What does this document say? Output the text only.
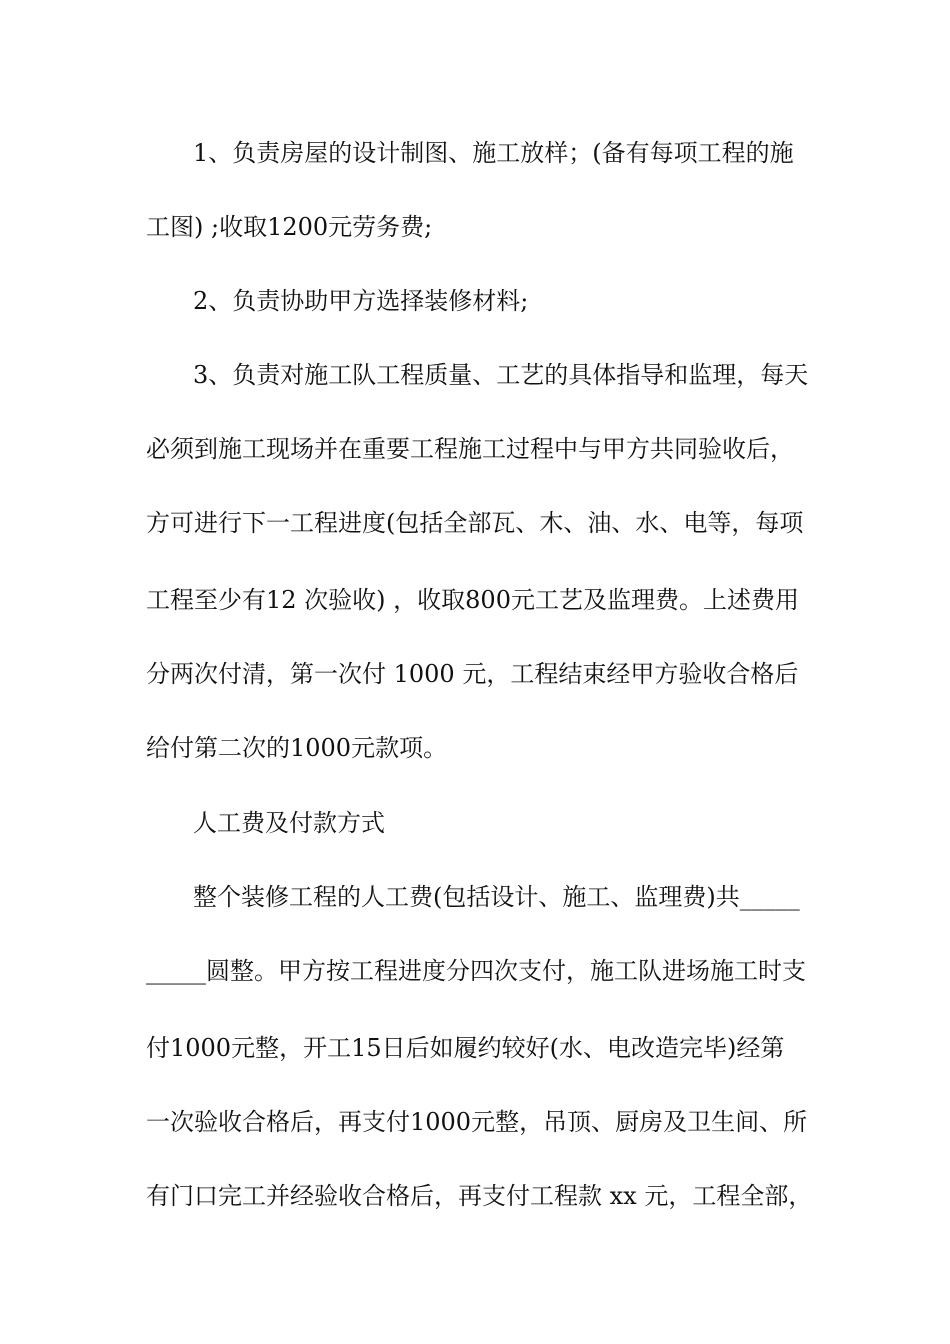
1、负责房屋的设计制图、施工放样；(备有每项工程的施
工图) ;收取1200元劳务费;
2、负责协助甲方选择装修材料;
3、负责对施工队工程质量、工艺的具体指导和监理，每天
必须到施工现场并在重要工程施工过程中与甲方共同验收后，
方可进行下一工程进度(包括全部瓦、木、油、水、电等，每项
工程至少有12 次验收) ，收取800元工艺及监理费。上述费用
分两次付清，第一次付 1000 元，工程结束经甲方验收合格后
给付第二次的1000元款项。
人工费及付款方式
整个装修工程的人工费(包括设计、施工、监理费)共_____
_____圆整。甲方按工程进度分四次支付，施工队进场施工时支
付1000元整，开工15日后如履约较好(水、电改造完毕)经第
一次验收合格后，再支付1000元整，吊顶、厨房及卫生间、所
有门口完工并经验收合格后，再支付工程款 xx 元，工程全部，
